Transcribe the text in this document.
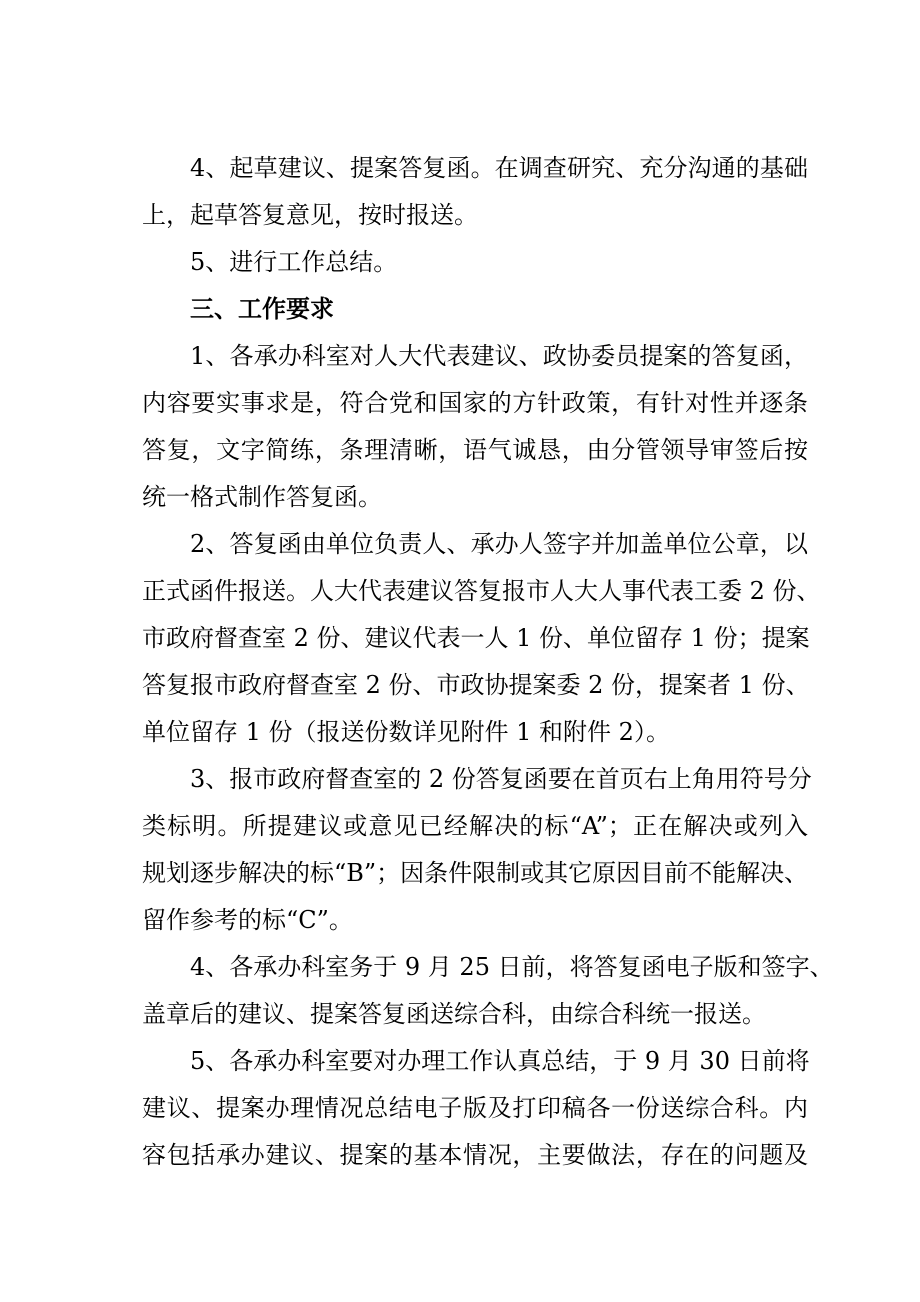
4、起草建议、提案答复函。在调查研究、充分沟通的基础

上，起草答复意见，按时报送。

5、进行工作总结。

三、工作要求

1、各承办科室对人大代表建议、政协委员提案的答复函，

内容要实事求是，符合党和国家的方针政策，有针对性并逐条

答复，文字简练，条理清晰，语气诚恳，由分管领导审签后按

统一格式制作答复函。

2、答复函由单位负责人、承办人签字并加盖单位公章，以

正式函件报送。人大代表建议答复报市人大人事代表工委 2 份、

市政府督查室 2 份、建议代表一人 1 份、单位留存 1 份；提案

答复报市政府督查室 2 份、市政协提案委 2 份，提案者 1 份、

单位留存 1 份（报送份数详见附件 1 和附件 2）。

3、报市政府督查室的 2 份答复函要在首页右上角用符号分

类标明。所提建议或意见已经解决的标“A”；正在解决或列入

规划逐步解决的标“B”；因条件限制或其它原因目前不能解决、

留作参考的标“C”。

4、各承办科室务于 9 月 25 日前，将答复函电子版和签字、

盖章后的建议、提案答复函送综合科，由综合科统一报送。

5、各承办科室要对办理工作认真总结，于 9 月 30 日前将

建议、提案办理情况总结电子版及打印稿各一份送综合科。内

容包括承办建议、提案的基本情况，主要做法，存在的问题及
